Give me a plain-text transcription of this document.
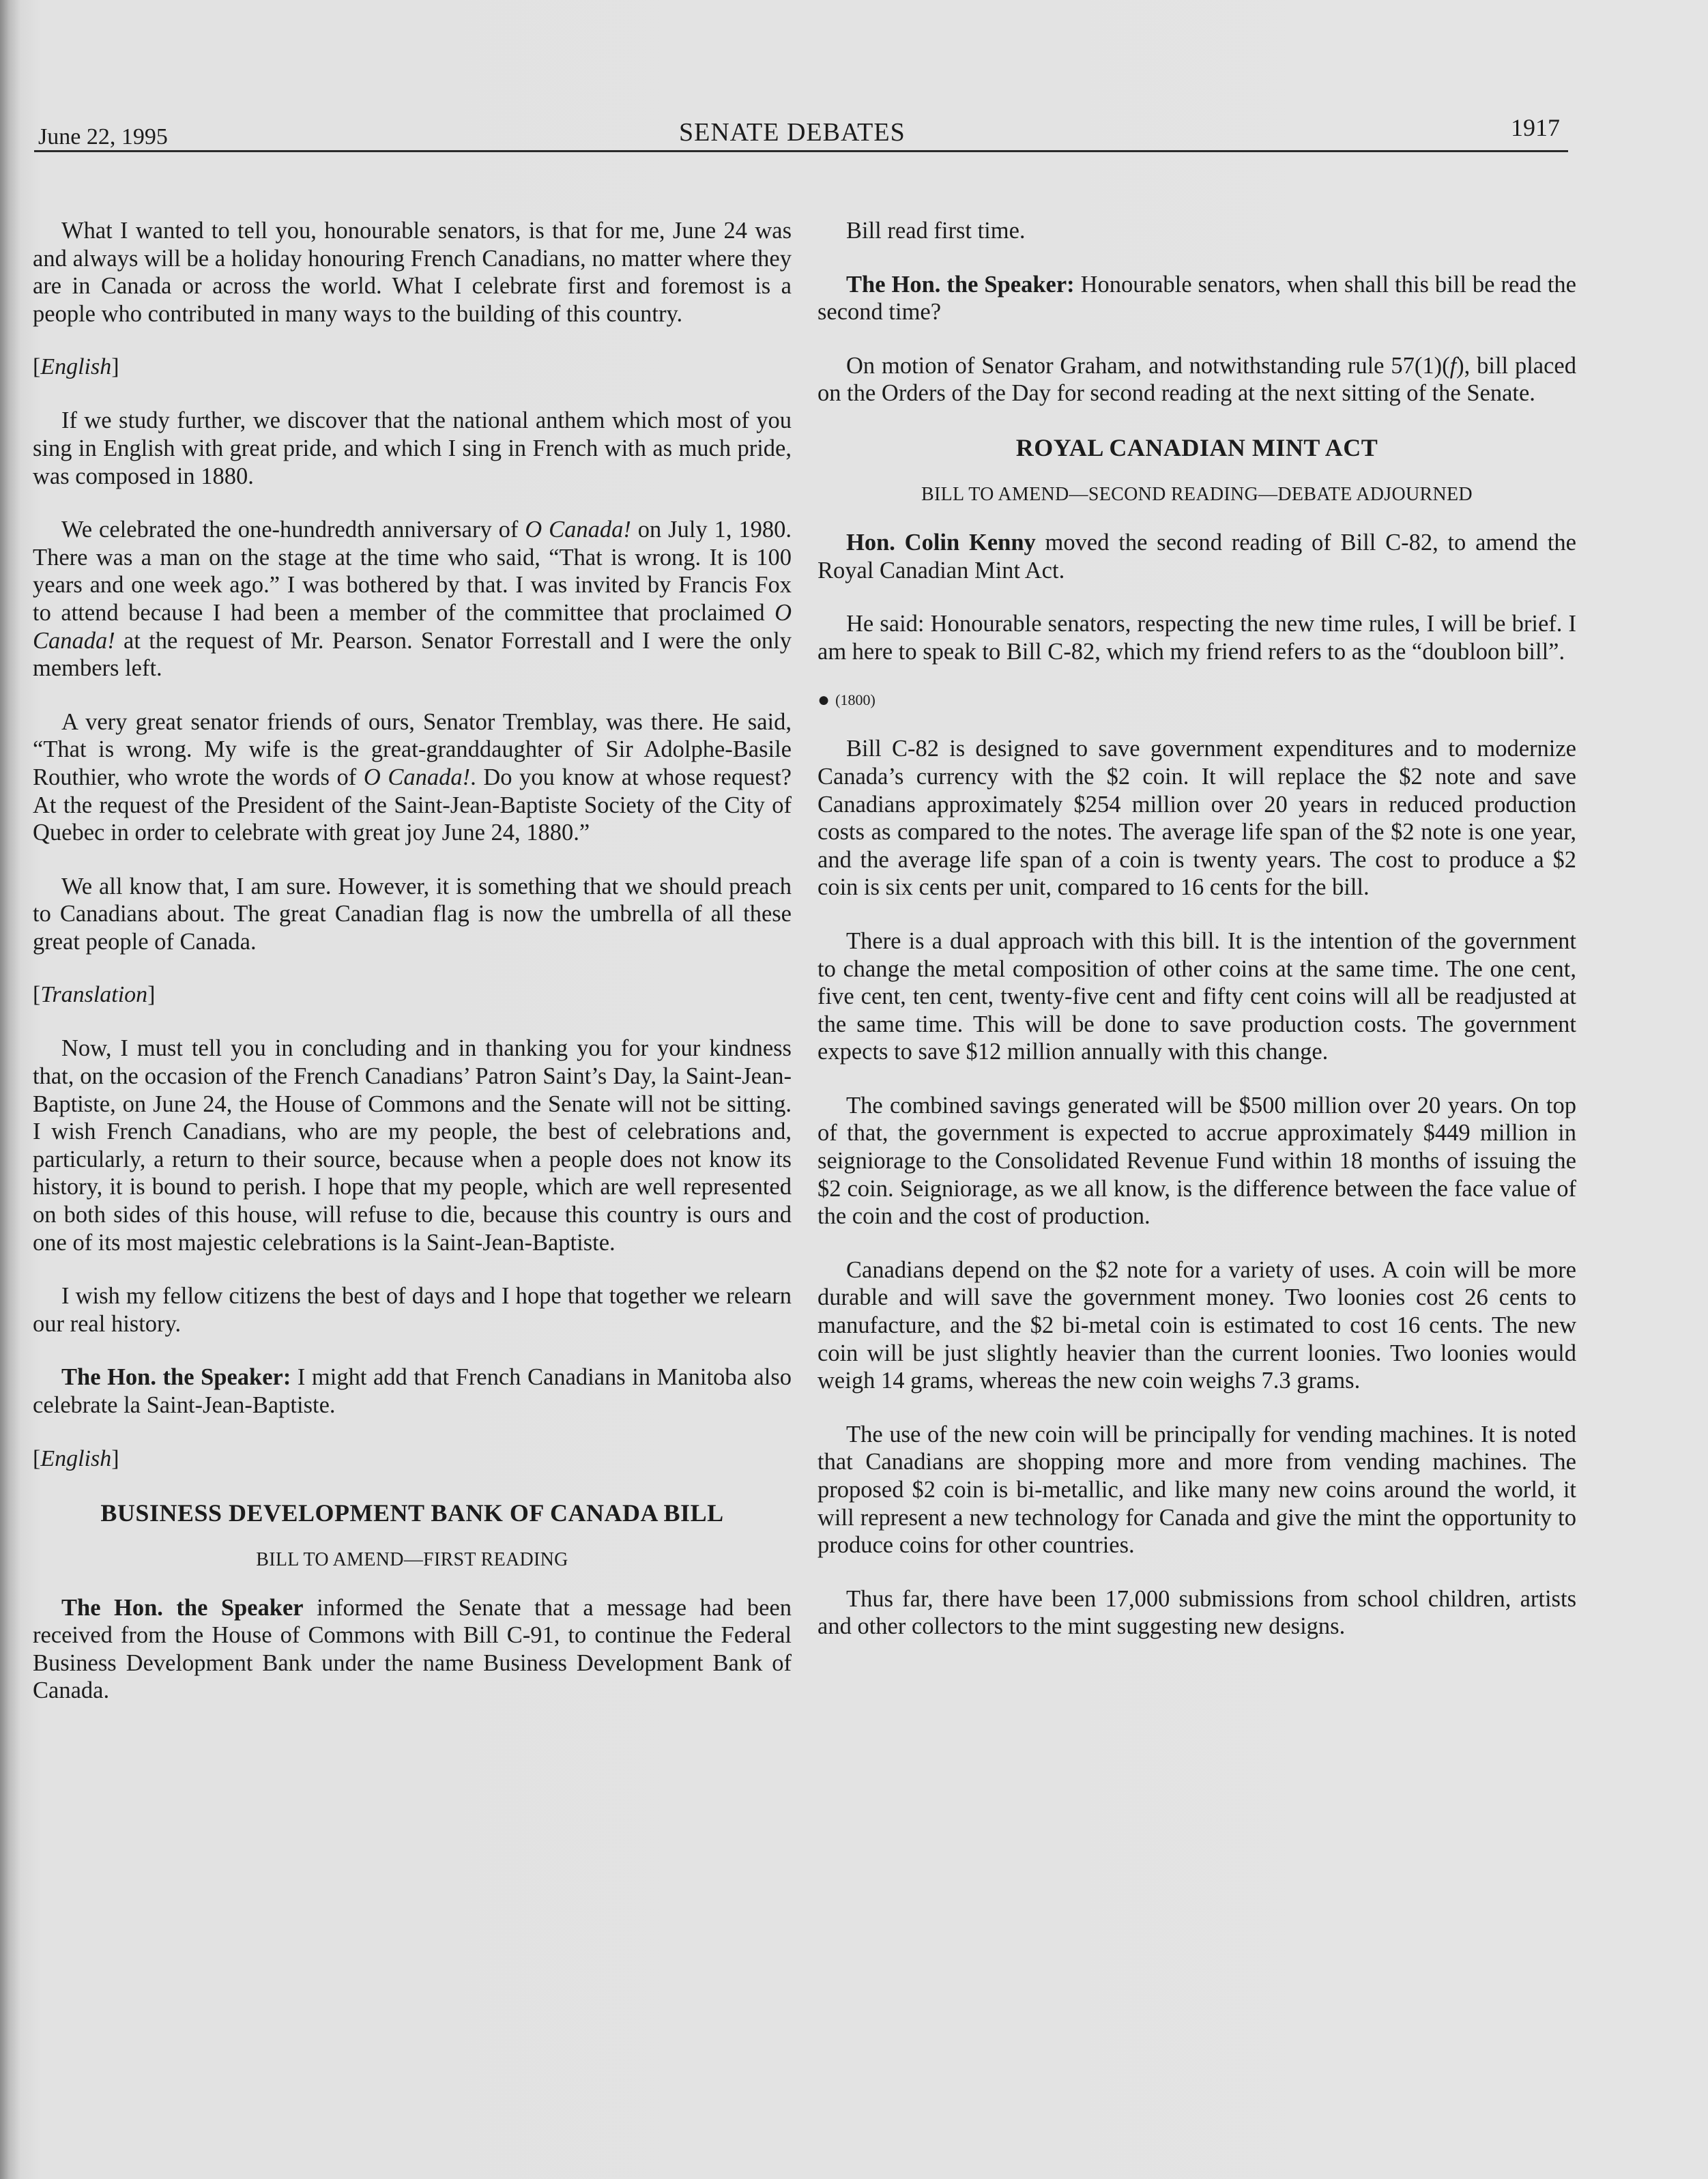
June 22, 1995	SENATE DEBATES	1917

What I wanted to tell you, honourable senators, is that for me, June 24 was and always will be a holiday honouring French Canadians, no matter where they are in Canada or across the world. What I celebrate first and foremost is a people who contributed in many ways to the building of this country.

[English]

If we study further, we discover that the national anthem which most of you sing in English with great pride, and which I sing in French with as much pride, was composed in 1880.

We celebrated the one-hundredth anniversary of O Canada! on July 1, 1980. There was a man on the stage at the time who said, “That is wrong. It is 100 years and one week ago.” I was bothered by that. I was invited by Francis Fox to attend because I had been a member of the committee that proclaimed O Canada! at the request of Mr. Pearson. Senator Forrestall and I were the only members left.

A very great senator friends of ours, Senator Tremblay, was there. He said, “That is wrong. My wife is the great-granddaughter of Sir Adolphe-Basile Routhier, who wrote the words of O Canada!. Do you know at whose request? At the request of the President of the Saint-Jean-Baptiste Society of the City of Quebec in order to celebrate with great joy June 24, 1880.”

We all know that, I am sure. However, it is something that we should preach to Canadians about. The great Canadian flag is now the umbrella of all these great people of Canada.

[Translation]

Now, I must tell you in concluding and in thanking you for your kindness that, on the occasion of the French Canadians’ Patron Saint’s Day, la Saint-Jean-Baptiste, on June 24, the House of Commons and the Senate will not be sitting. I wish French Canadians, who are my people, the best of celebrations and, particularly, a return to their source, because when a people does not know its history, it is bound to perish. I hope that my people, which are well represented on both sides of this house, will refuse to die, because this country is ours and one of its most majestic celebrations is la Saint-Jean-Baptiste.

I wish my fellow citizens the best of days and I hope that together we relearn our real history.

The Hon. the Speaker: I might add that French Canadians in Manitoba also celebrate la Saint-Jean-Baptiste.

[English]
BUSINESS DEVELOPMENT BANK OF CANADA BILL
BILL TO AMEND—FIRST READING

The Hon. the Speaker informed the Senate that a message had been received from the House of Commons with Bill C-91, to continue the Federal Business Development Bank under the name Business Development Bank of Canada.

Bill read first time.

The Hon. the Speaker: Honourable senators, when shall this bill be read the second time?

On motion of Senator Graham, and notwithstanding rule 57(1)(f), bill placed on the Orders of the Day for second reading at the next sitting of the Senate.

ROYAL CANADIAN MINT ACT
BILL TO AMEND—SECOND READING—DEBATE ADJOURNED

Hon. Colin Kenny moved the second reading of Bill C-82, to amend the Royal Canadian Mint Act.

He said: Honourable senators, respecting the new time rules, I will be brief. I am here to speak to Bill C-82, which my friend refers to as the “doubloon bill”.

● (1800)

Bill C-82 is designed to save government expenditures and to modernize Canada’s currency with the $2 coin. It will replace the $2 note and save Canadians approximately $254 million over 20 years in reduced production costs as compared to the notes. The average life span of the $2 note is one year, and the average life span of a coin is twenty years. The cost to produce a $2 coin is six cents per unit, compared to 16 cents for the bill.

There is a dual approach with this bill. It is the intention of the government to change the metal composition of other coins at the same time. The one cent, five cent, ten cent, twenty-five cent and fifty cent coins will all be readjusted at the same time. This will be done to save production costs. The government expects to save $12 million annually with this change.

The combined savings generated will be $500 million over 20 years. On top of that, the government is expected to accrue approximately $449 million in seigniorage to the Consolidated Revenue Fund within 18 months of issuing the $2 coin. Seigniorage, as we all know, is the difference between the face value of the coin and the cost of production.

Canadians depend on the $2 note for a variety of uses. A coin will be more durable and will save the government money. Two loonies cost 26 cents to manufacture, and the $2 bi-metal coin is estimated to cost 16 cents. The new coin will be just slightly heavier than the current loonies. Two loonies would weigh 14 grams, whereas the new coin weighs 7.3 grams.

The use of the new coin will be principally for vending machines. It is noted that Canadians are shopping more and more from vending machines. The proposed $2 coin is bi-metallic, and like many new coins around the world, it will represent a new technology for Canada and give the mint the opportunity to produce coins for other countries.

Thus far, there have been 17,000 submissions from school children, artists and other collectors to the mint suggesting new designs.
